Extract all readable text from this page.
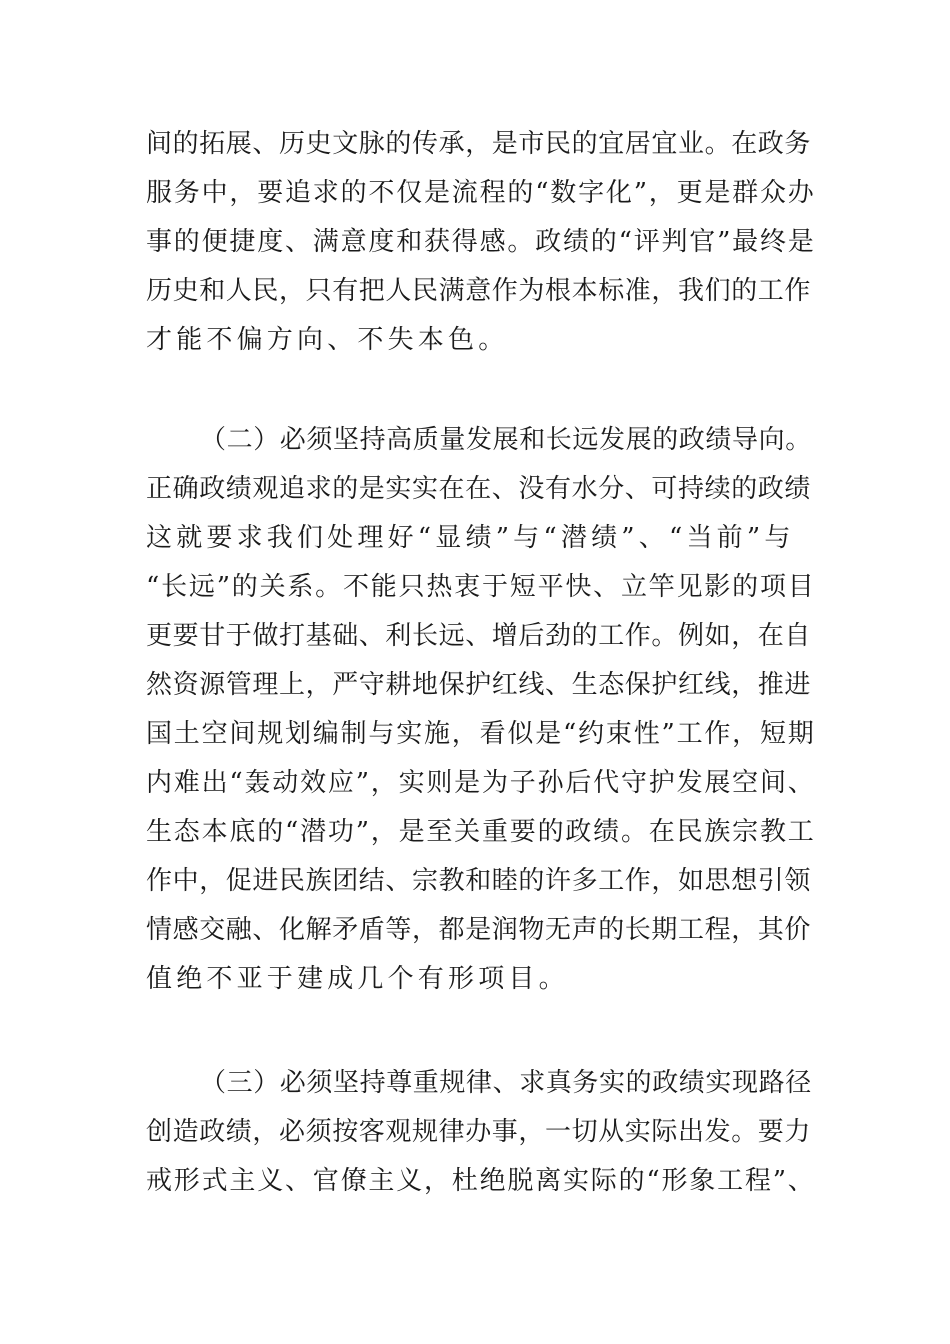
间的拓展、历史文脉的传承，是市民的宜居宜业。在政务
服务中，要追求的不仅是流程的“数字化”，更是群众办
事的便捷度、满意度和获得感。政绩的“评判官”最终是
历史和人民，只有把人民满意作为根本标准，我们的工作
才能不偏方向、不失本色。
（二）必须坚持高质量发展和长远发展的政绩导向。
正确政绩观追求的是实实在在、没有水分、可持续的政绩
这就要求我们处理好“显绩”与“潜绩”、“当前”与
“长远”的关系。不能只热衷于短平快、立竿见影的项目
更要甘于做打基础、利长远、增后劲的工作。例如，在自
然资源管理上，严守耕地保护红线、生态保护红线，推进
国土空间规划编制与实施，看似是“约束性”工作，短期
内难出“轰动效应”，实则是为子孙后代守护发展空间、
生态本底的“潜功”，是至关重要的政绩。在民族宗教工
作中，促进民族团结、宗教和睦的许多工作，如思想引领
情感交融、化解矛盾等，都是润物无声的长期工程，其价
值绝不亚于建成几个有形项目。
（三）必须坚持尊重规律、求真务实的政绩实现路径
创造政绩，必须按客观规律办事，一切从实际出发。要力
戒形式主义、官僚主义，杜绝脱离实际的“形象工程”、
